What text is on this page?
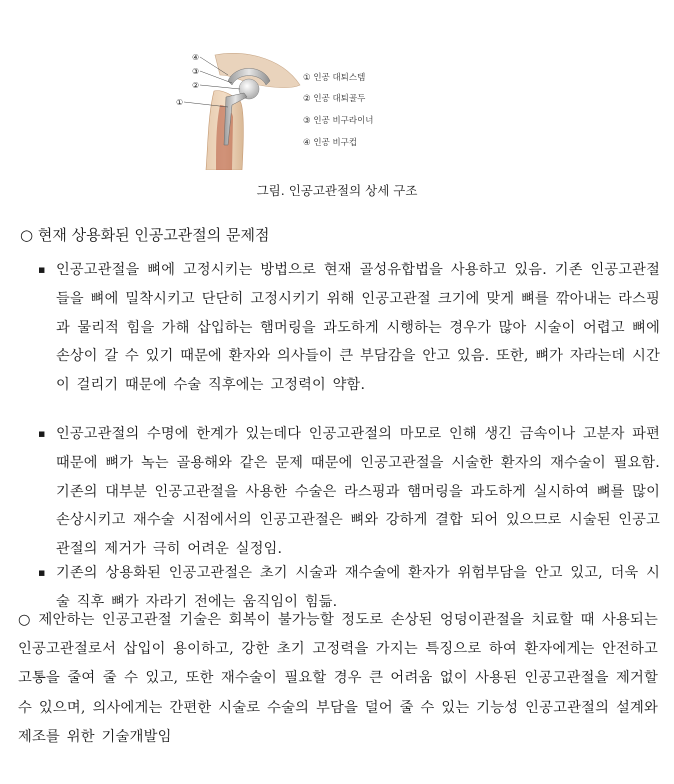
④
③
②
①
① 인공 대퇴스템
② 인공 대퇴골두
③ 인공 비구라이너
④ 인공 비구컵
그림. 인공고관절의 상세 구조
○ 현재 상용화된 인공고관절의 문제점
▪ 인공고관절을 뼈에 고정시키는 방법으로 현재 골성유합법을 사용하고 있음. 기존 인공고관절들을 뼈에 밀착시키고 단단히 고정시키기 위해 인공고관절 크기에 맞게 뼈를 깎아내는 라스핑과 물리적 힘을 가해 삽입하는 햄머링을 과도하게 시행하는 경우가 많아 시술이 어렵고 뼈에 손상이 갈 수 있기 때문에 환자와 의사들이 큰 부담감을 안고 있음. 또한, 뼈가 자라는데 시간이 걸리기 때문에 수술 직후에는 고정력이 약함.
▪ 인공고관절의 수명에 한계가 있는데다 인공고관절의 마모로 인해 생긴 금속이나 고분자 파편 때문에 뼈가 녹는 골용해와 같은 문제 때문에 인공고관절을 시술한 환자의 재수술이 필요함. 기존의 대부분 인공고관절을 사용한 수술은 라스핑과 햄머링을 과도하게 실시하여 뼈를 많이 손상시키고 재수술 시점에서의 인공고관절은 뼈와 강하게 결합 되어 있으므로 시술된 인공고관절의 제거가 극히 어려운 실정임.
▪ 기존의 상용화된 인공고관절은 초기 시술과 재수술에 환자가 위험부담을 안고 있고, 더욱 시술 직후 뼈가 자라기 전에는 움직임이 힘듦.
○ 제안하는 인공고관절 기술은 회복이 불가능할 정도로 손상된 엉덩이관절을 치료할 때 사용되는 인공고관절로서 삽입이 용이하고, 강한 초기 고정력을 가지는 특징으로 하여 환자에게는 안전하고 고통을 줄여 줄 수 있고, 또한 재수술이 필요할 경우 큰 어려움 없이 사용된 인공고관절을 제거할 수 있으며, 의사에게는 간편한 시술로 수술의 부담을 덜어 줄 수 있는 기능성 인공고관절의 설계와 제조를 위한 기술개발임
